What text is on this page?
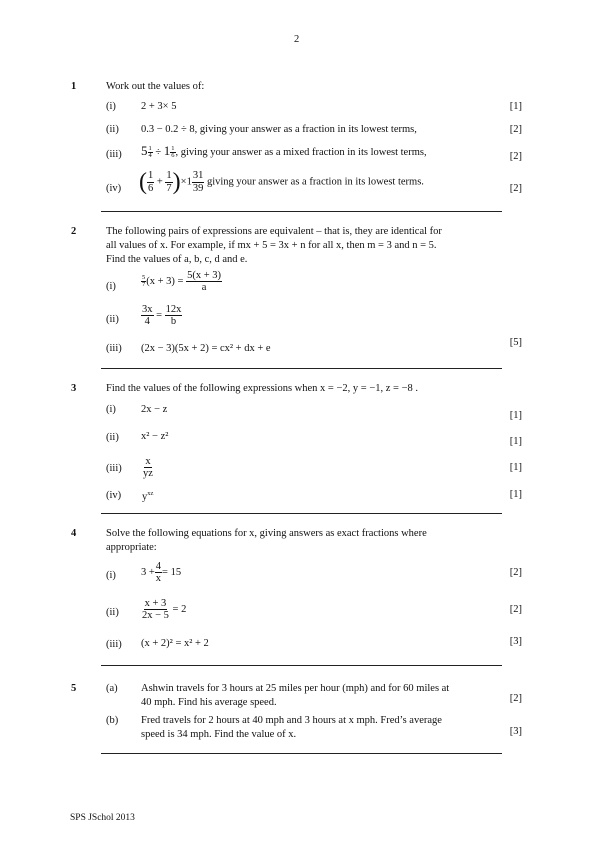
2
1	Work out the values of:
(i) 2 + 3× 5	[1]
(ii) 0.3 − 0.2 ÷ 8, giving your answer as a fraction in its lowest terms,	[2]
(iii) $5 \frac{1}{4} \div 1 \frac{1}{6}$ , giving your answer as a mixed fraction in its lowest terms,	[2]
(iv) ( $\frac{1}{6} + \frac{1}{7} )\times 1 \frac{31}{39}$ giving your answer as a fraction in its lowest terms.
[2]
2	The following pairs of expressions are equivalent – that is, they are identical for
all values of x. For example, if mx + 5 = 3x + n for all x, then m = 3 and n = 5.
Find the values of a, b, c, d and e.
(i)	$\frac{5}{7} (x + 3) = \frac{5(x + 3)}{a}$
$(ii) \frac{3x}{4} = \frac{12x}{b}$
(iii) (2x − 3)(5x + 2) = cx² + dx + e
[5]
3	Find the values of the following expressions when x = −2, y = −1, z = −8 .
(i) 2x − z
[1]
(ii) x² − z²	[1]
$(iii) \frac{x}{yz}$	[1]
(iv) $y^{xz}$	[1]
4	Solve the following equations for x, giving answers as exact fractions where
appropriate:
(i) $3 + \frac{4}{x} = 15$	[2]
$(ii) \frac{x + 3}{2x - 5} = 2$	[2]
(iii) (x + 2)² = x² + 2	[3]
5	(a) Ashwin travels for 3 hours at 25 miles per hour (mph) and for 60 miles at
40 mph. Find his average speed.	[2]
(b) Fred travels for 2 hours at 40 mph and 3 hours at x mph. Fred’s average
speed is 34 mph. Find the value of x.	[3]
SPS JSchol 2013
